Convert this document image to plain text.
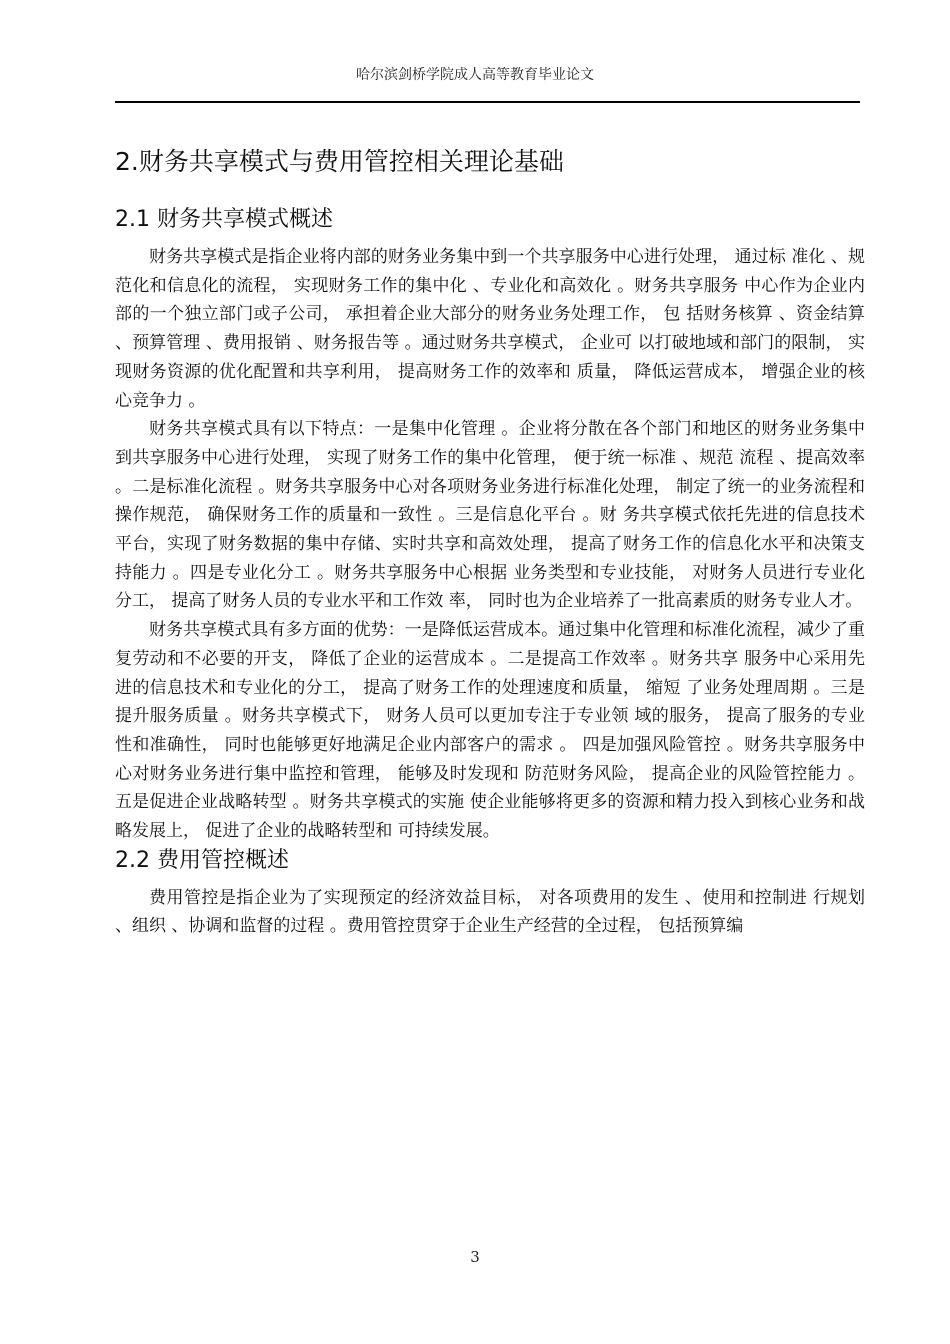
哈尔滨剑桥学院成人高等教育毕业论文
2.财务共享模式与费用管控相关理论基础
2.1 财务共享模式概述

财务共享模式是指企业将内部的财务业务集中到一个共享服务中心进行处理， 通过标 准化 、规范化和信息化的流程， 实现财务工作的集中化 、专业化和高效化 。财务共享服务 中心作为企业内部的一个独立部门或子公司， 承担着企业大部分的财务业务处理工作， 包 括财务核算 、资金结算 、预算管理 、费用报销 、财务报告等 。通过财务共享模式， 企业可 以打破地域和部门的限制， 实现财务资源的优化配置和共享利用， 提高财务工作的效率和 质量， 降低运营成本， 增强企业的核心竞争力 。

财务共享模式具有以下特点：一是集中化管理 。企业将分散在各个部门和地区的财务业务集中到共享服务中心进行处理， 实现了财务工作的集中化管理， 便于统一标准 、规范 流程 、提高效率 。二是标准化流程 。财务共享服务中心对各项财务业务进行标准化处理， 制定了统一的业务流程和操作规范， 确保财务工作的质量和一致性 。三是信息化平台 。财 务共享模式依托先进的信息技术平台，实现了财务数据的集中存储、实时共享和高效处理， 提高了财务工作的信息化水平和决策支持能力 。四是专业化分工 。财务共享服务中心根据 业务类型和专业技能， 对财务人员进行专业化分工， 提高了财务人员的专业水平和工作效 率， 同时也为企业培养了一批高素质的财务专业人才。

财务共享模式具有多方面的优势：一是降低运营成本。通过集中化管理和标准化流程，减少了重复劳动和不必要的开支， 降低了企业的运营成本 。二是提高工作效率 。财务共享 服务中心采用先进的信息技术和专业化的分工， 提高了财务工作的处理速度和质量， 缩短 了业务处理周期 。三是提升服务质量 。财务共享模式下， 财务人员可以更加专注于专业领 域的服务， 提高了服务的专业性和准确性， 同时也能够更好地满足企业内部客户的需求 。 四是加强风险管控 。财务共享服务中心对财务业务进行集中监控和管理， 能够及时发现和 防范财务风险， 提高企业的风险管控能力 。五是促进企业战略转型 。财务共享模式的实施 使企业能够将更多的资源和精力投入到核心业务和战略发展上， 促进了企业的战略转型和 可持续发展。

2.2 费用管控概述

费用管控是指企业为了实现预定的经济效益目标， 对各项费用的发生 、使用和控制进 行规划 、组织 、协调和监督的过程 。费用管控贯穿于企业生产经营的全过程， 包括预算编

3
